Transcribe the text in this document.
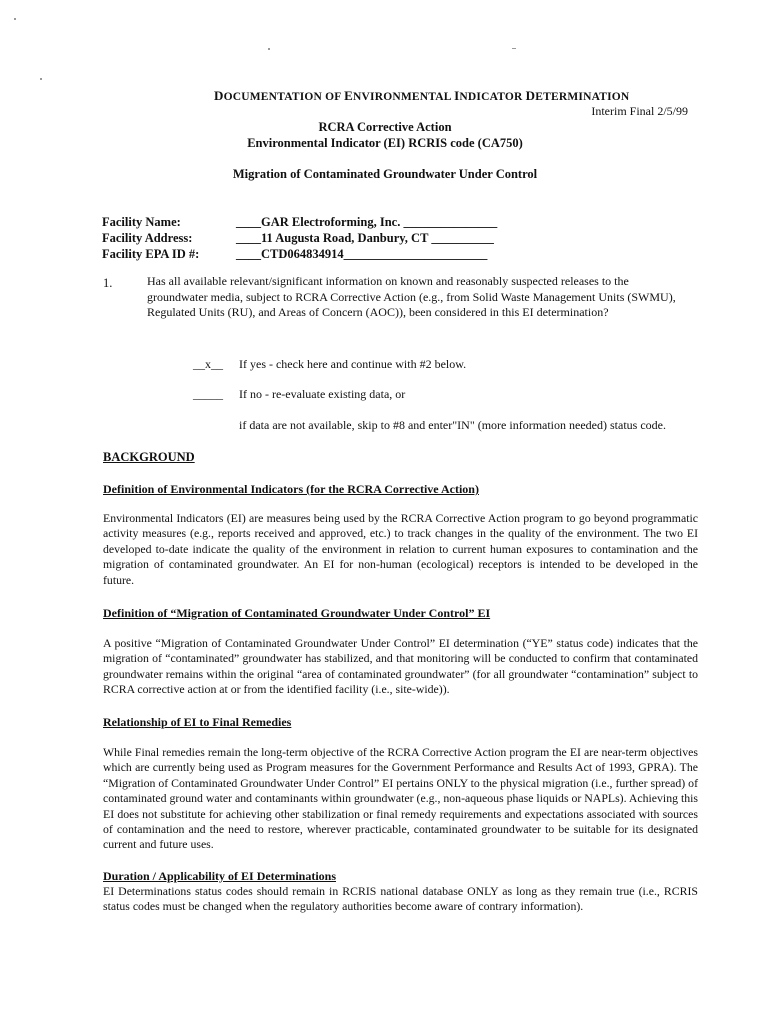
DOCUMENTATION OF ENVIRONMENTAL INDICATOR DETERMINATION
Interim Final 2/5/99
RCRA Corrective Action
Environmental Indicator (EI) RCRIS code (CA750)
Migration of Contaminated Groundwater Under Control
Facility Name:	____GAR Electroforming, Inc. _______________
Facility Address:	____11 Augusta Road, Danbury, CT __________
Facility EPA ID #:	____CTD064834914_______________________
1.	Has all available relevant/significant information on known and reasonably suspected releases to the groundwater media, subject to RCRA Corrective Action (e.g., from Solid Waste Management Units (SWMU), Regulated Units (RU), and Areas of Concern (AOC)), been considered in this EI determination?
__x__ If yes - check here and continue with #2 below.
_____ If no - re-evaluate existing data, or
if data are not available, skip to #8 and enter"IN" (more information needed) status code.
BACKGROUND
Definition of Environmental Indicators (for the RCRA Corrective Action)
Environmental Indicators (EI) are measures being used by the RCRA Corrective Action program to go beyond programmatic activity measures (e.g., reports received and approved, etc.) to track changes in the quality of the environment. The two EI developed to-date indicate the quality of the environment in relation to current human exposures to contamination and the migration of contaminated groundwater. An EI for non-human (ecological) receptors is intended to be developed in the future.
Definition of “Migration of Contaminated Groundwater Under Control” EI
A positive “Migration of Contaminated Groundwater Under Control” EI determination (“YE” status code) indicates that the migration of “contaminated” groundwater has stabilized, and that monitoring will be conducted to confirm that contaminated groundwater remains within the original “area of contaminated groundwater” (for all groundwater “contamination” subject to RCRA corrective action at or from the identified facility (i.e., site-wide)).
Relationship of EI to Final Remedies
While Final remedies remain the long-term objective of the RCRA Corrective Action program the EI are near-term objectives which are currently being used as Program measures for the Government Performance and Results Act of 1993, GPRA). The “Migration of Contaminated Groundwater Under Control” EI pertains ONLY to the physical migration (i.e., further spread) of contaminated ground water and contaminants within groundwater (e.g., non-aqueous phase liquids or NAPLs). Achieving this EI does not substitute for achieving other stabilization or final remedy requirements and expectations associated with sources of contamination and the need to restore, wherever practicable, contaminated groundwater to be suitable for its designated current and future uses.
Duration / Applicability of EI Determinations
EI Determinations status codes should remain in RCRIS national database ONLY as long as they remain true (i.e., RCRIS status codes must be changed when the regulatory authorities become aware of contrary information).
